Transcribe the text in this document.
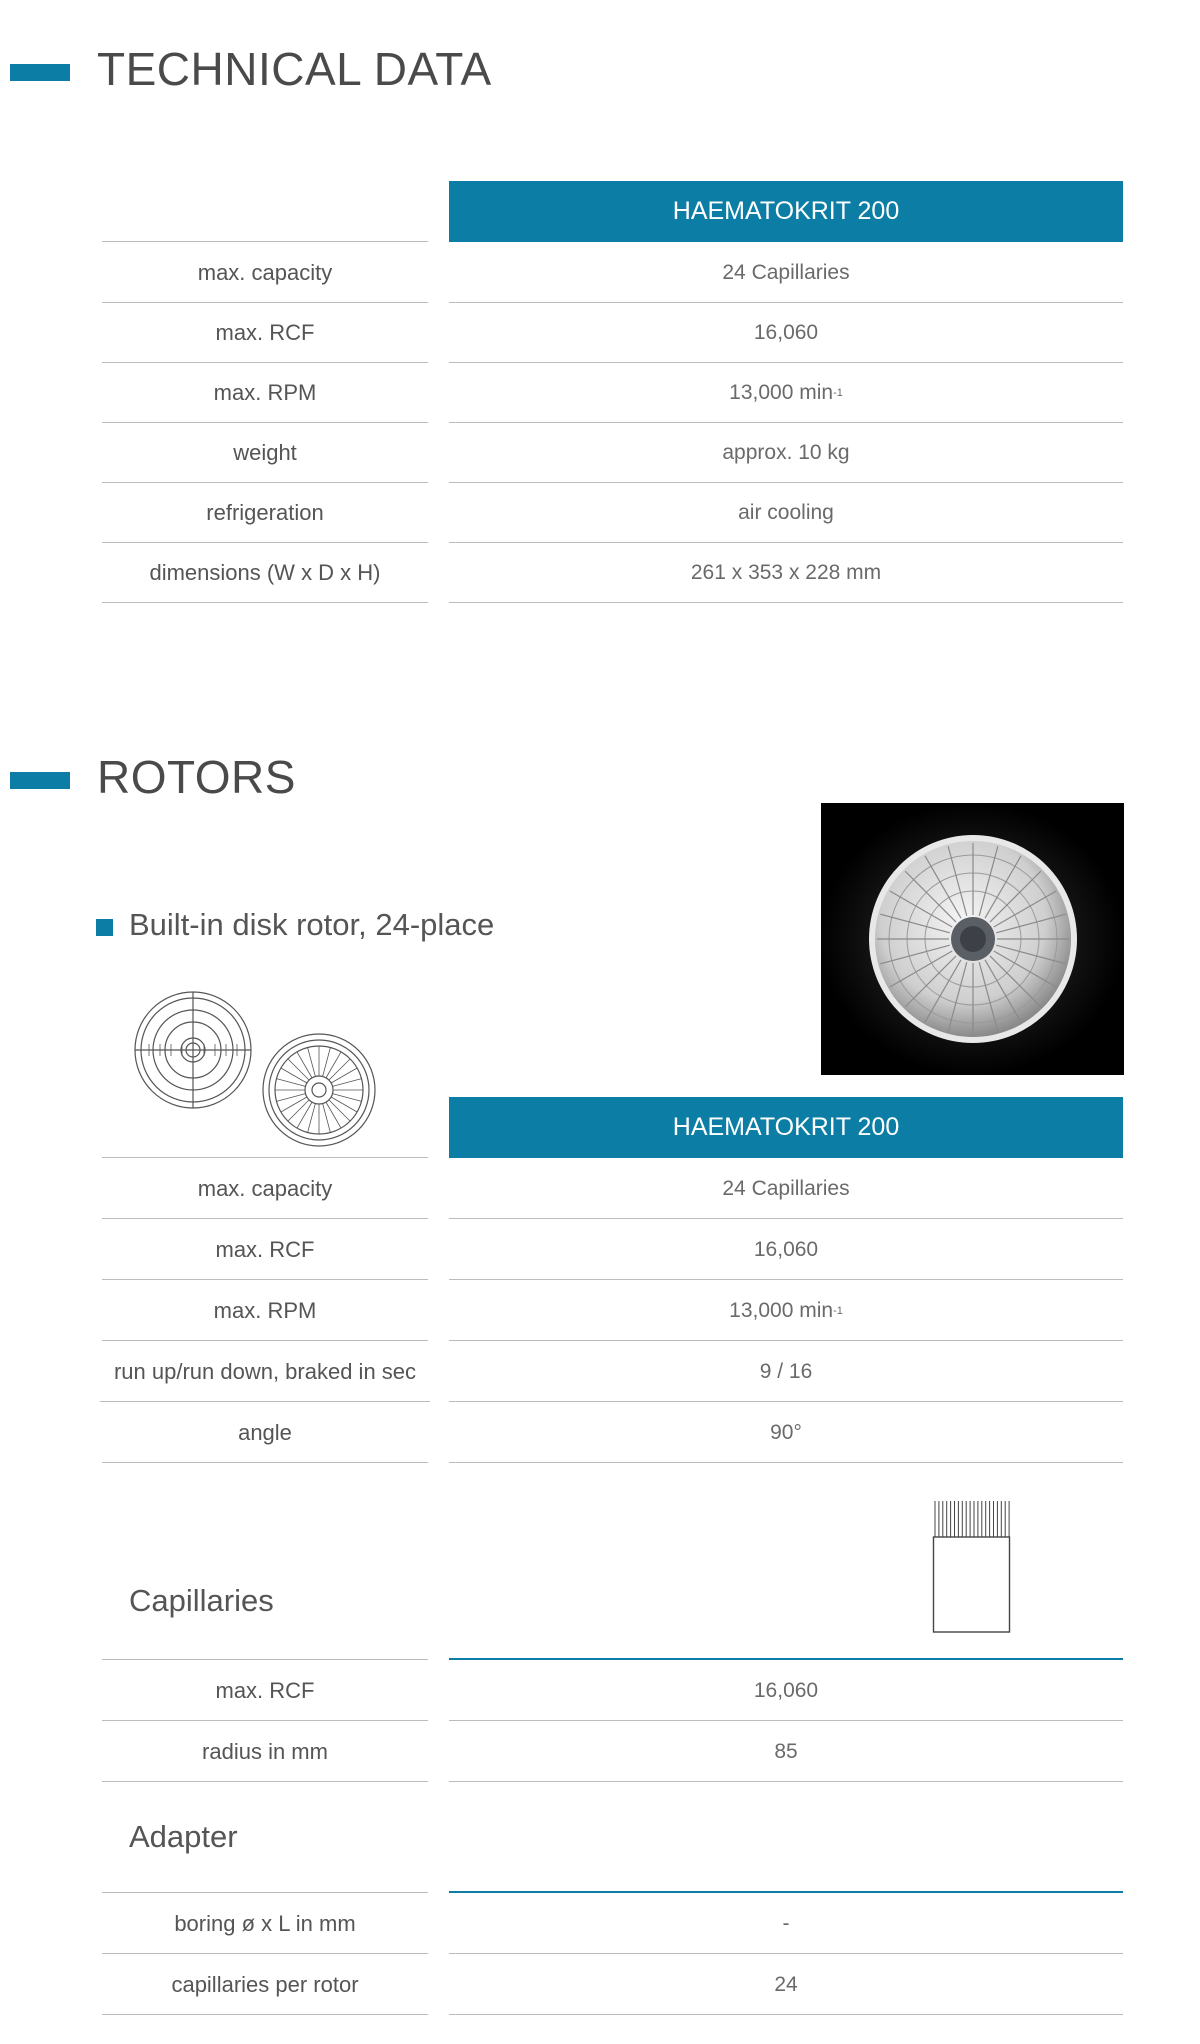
TECHNICAL DATA
HAEMATOKRIT 200
max. capacity	24 Capillaries
max. RCF	16,060
max. RPM	13,000 min -1
weight	approx. 10 kg
refrigeration	air cooling
dimensions (W x D x H)	261 x 353 x 228 mm
ROTORS
Built-in disk rotor, 24-place
HAEMATOKRIT 200
max. capacity	24 Capillaries
max. RCF	16,060
max. RPM	13,000 min -1
run up/run down, braked in sec	9 / 16
angle	90°
Capillaries
max. RCF	16,060
radius in mm	85
Adapter
boring ø x L in mm	-
capillaries per rotor	24
